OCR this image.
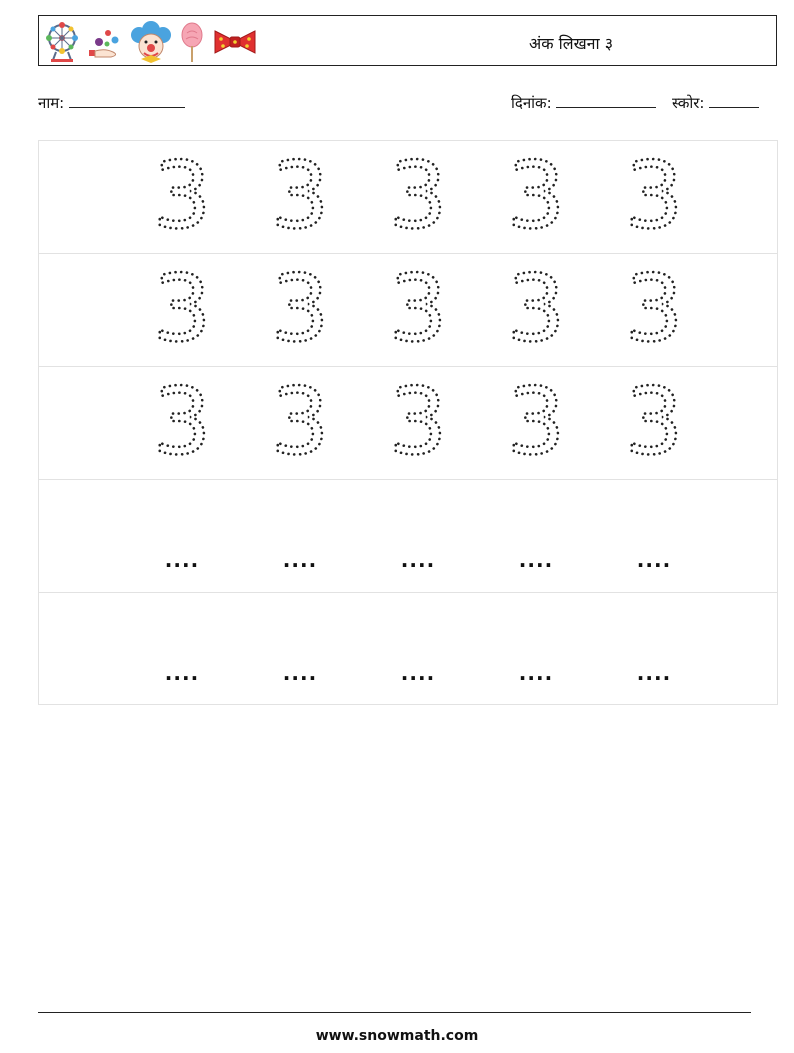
अंक लिखना ३
नाम:	दिनांक:	स्कोर:
3 3 3 3 3
3 3 3 3 3
3 3 3 3 3
....	....	....	....	....
....	....	....	....	....
www.snowmath.com
